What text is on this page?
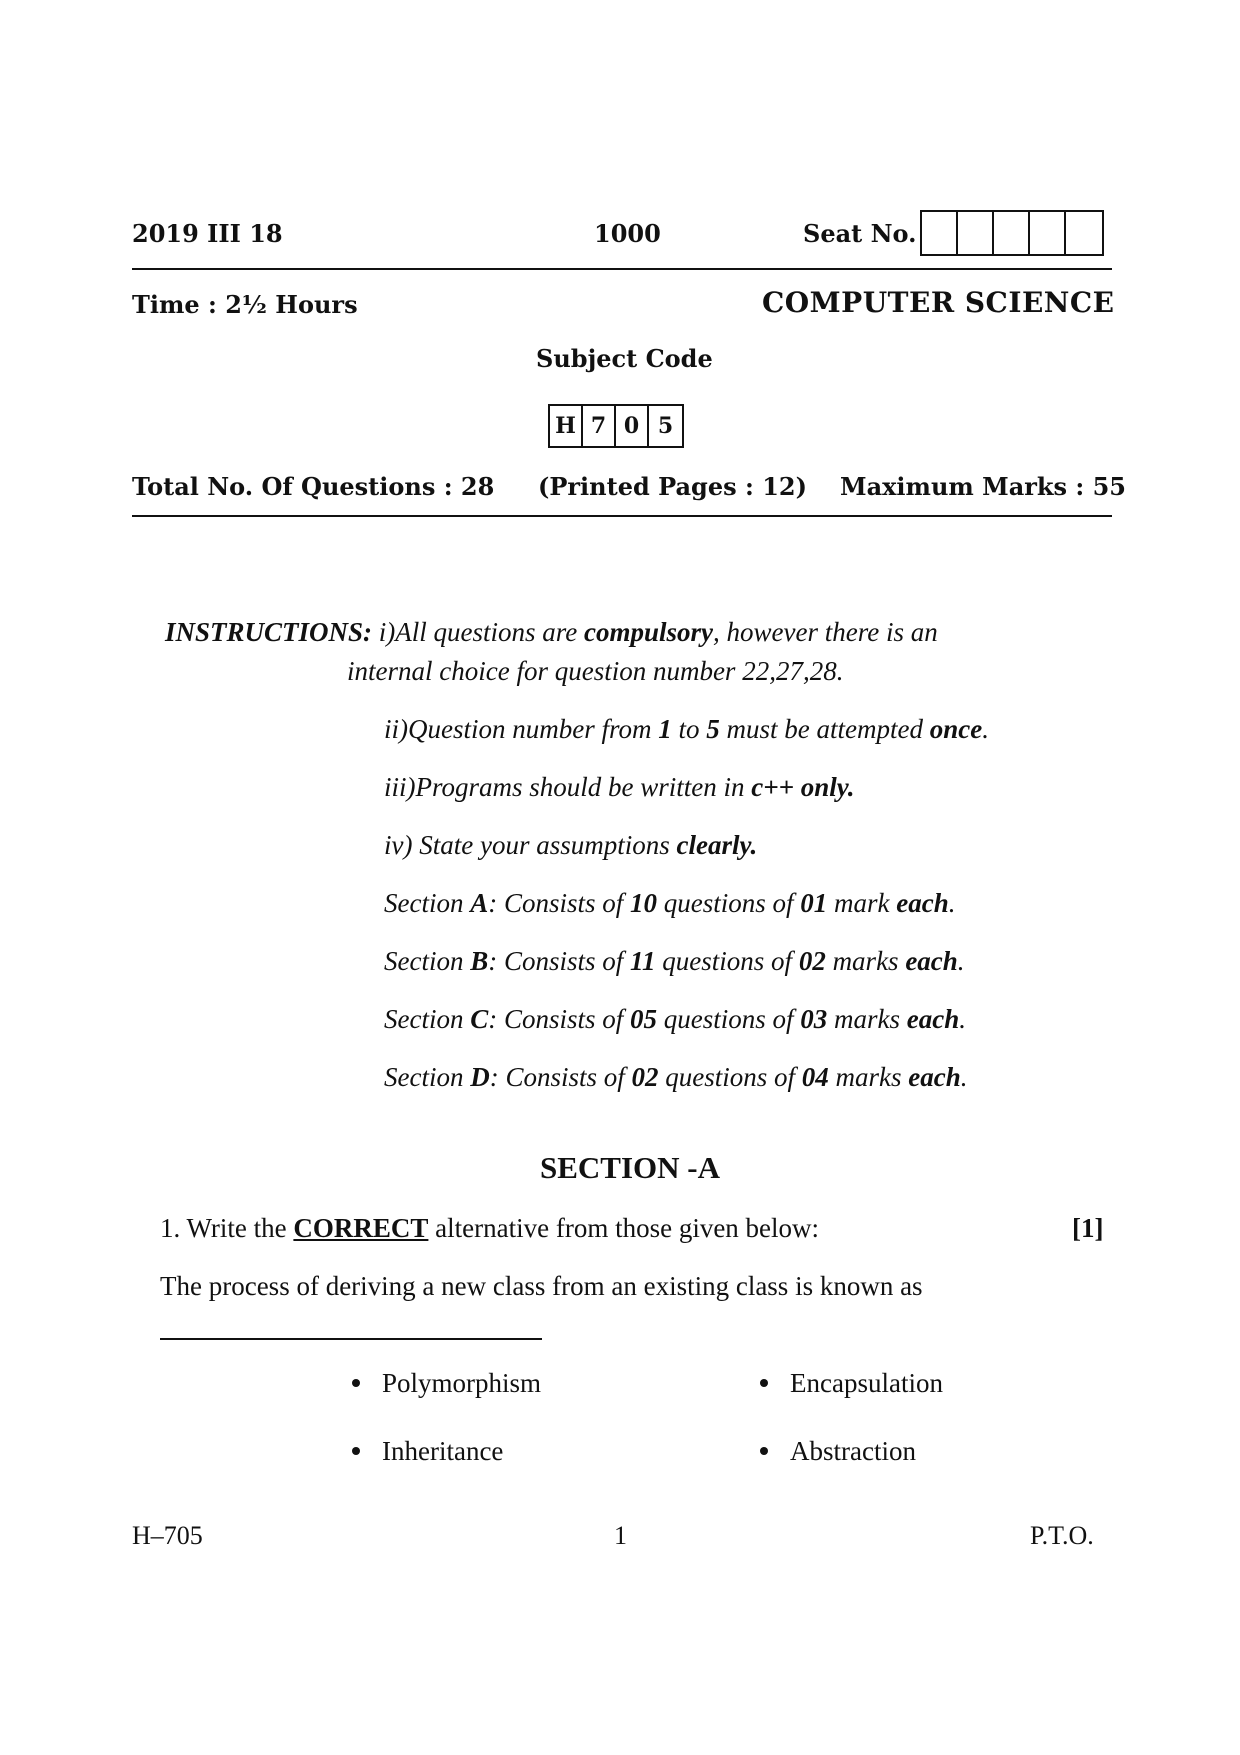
2019 III 18	1000	Seat No.
Time : 2½ Hours	COMPUTER SCIENCE
Subject Code
H 7 0 5
Total No. Of Questions : 28 (Printed Pages : 12) Maximum Marks : 55
INSTRUCTIONS: i)All questions are compulsory, however there is an
internal choice for question number 22,27,28.
ii)Question number from 1 to 5 must be attempted once.
iii)Programs should be written in c++ only.
iv) State your assumptions clearly.
Section A: Consists of 10 questions of 01 mark each.
Section B: Consists of 11 questions of 02 marks each.
Section C: Consists of 05 questions of 03 marks each.
Section D: Consists of 02 questions of 04 marks each.
SECTION -A
1. Write the CORRECT alternative from those given below:	[1]
The process of deriving a new class from an existing class is known as
Polymorphism	Encapsulation
Inheritance	Abstraction
H–705	1	P.T.O.
